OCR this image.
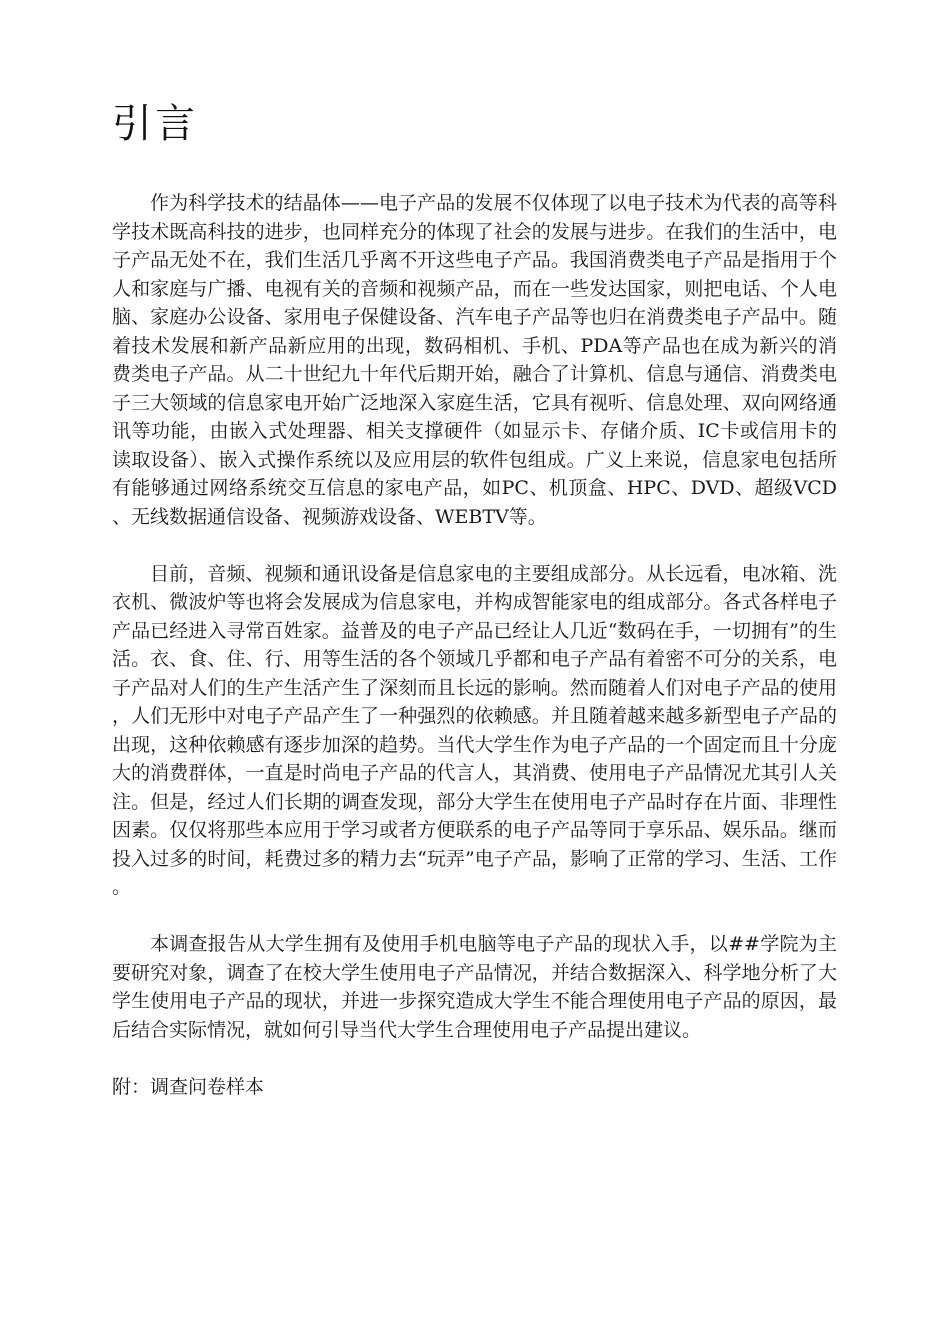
引言

作为科学技术的结晶体——电子产品的发展不仅体现了以电子技术为代表的高等科学技术既高科技的进步，也同样充分的体现了社会的发展与进步。在我们的生活中，电子产品无处不在，我们生活几乎离不开这些电子产品。我国消费类电子产品是指用于个人和家庭与广播、电视有关的音频和视频产品，而在一些发达国家，则把电话、个人电脑、家庭办公设备、家用电子保健设备、汽车电子产品等也归在消费类电子产品中。随着技术发展和新产品新应用的出现，数码相机、手机、PDA等产品也在成为新兴的消费类电子产品。从二十世纪九十年代后期开始，融合了计算机、信息与通信、消费类电子三大领域的信息家电开始广泛地深入家庭生活，它具有视听、信息处理、双向网络通讯等功能，由嵌入式处理器、相关支撑硬件（如显示卡、存储介质、IC卡或信用卡的读取设备）、嵌入式操作系统以及应用层的软件包组成。广义上来说，信息家电包括所有能够通过网络系统交互信息的家电产品，如PC、机顶盒、HPC、DVD、超级VCD、无线数据通信设备、视频游戏设备、WEBTV等。

目前，音频、视频和通讯设备是信息家电的主要组成部分。从长远看，电冰箱、洗衣机、微波炉等也将会发展成为信息家电，并构成智能家电的组成部分。各式各样电子产品已经进入寻常百姓家。益普及的电子产品已经让人几近“数码在手，一切拥有”的生活。衣、食、住、行、用等生活的各个领域几乎都和电子产品有着密不可分的关系，电子产品对人们的生产生活产生了深刻而且长远的影响。然而随着人们对电子产品的使用，人们无形中对电子产品产生了一种强烈的依赖感。并且随着越来越多新型电子产品的出现，这种依赖感有逐步加深的趋势。当代大学生作为电子产品的一个固定而且十分庞大的消费群体，一直是时尚电子产品的代言人，其消费、使用电子产品情况尤其引人关注。但是，经过人们长期的调查发现，部分大学生在使用电子产品时存在片面、非理性因素。仅仅将那些本应用于学习或者方便联系的电子产品等同于享乐品、娱乐品。继而投入过多的时间，耗费过多的精力去“玩弄”电子产品，影响了正常的学习、生活、工作。

本调查报告从大学生拥有及使用手机电脑等电子产品的现状入手，以##学院为主要研究对象，调查了在校大学生使用电子产品情况，并结合数据深入、科学地分析了大学生使用电子产品的现状，并进一步探究造成大学生不能合理使用电子产品的原因，最后结合实际情况，就如何引导当代大学生合理使用电子产品提出建议。

附：调查问卷样本
